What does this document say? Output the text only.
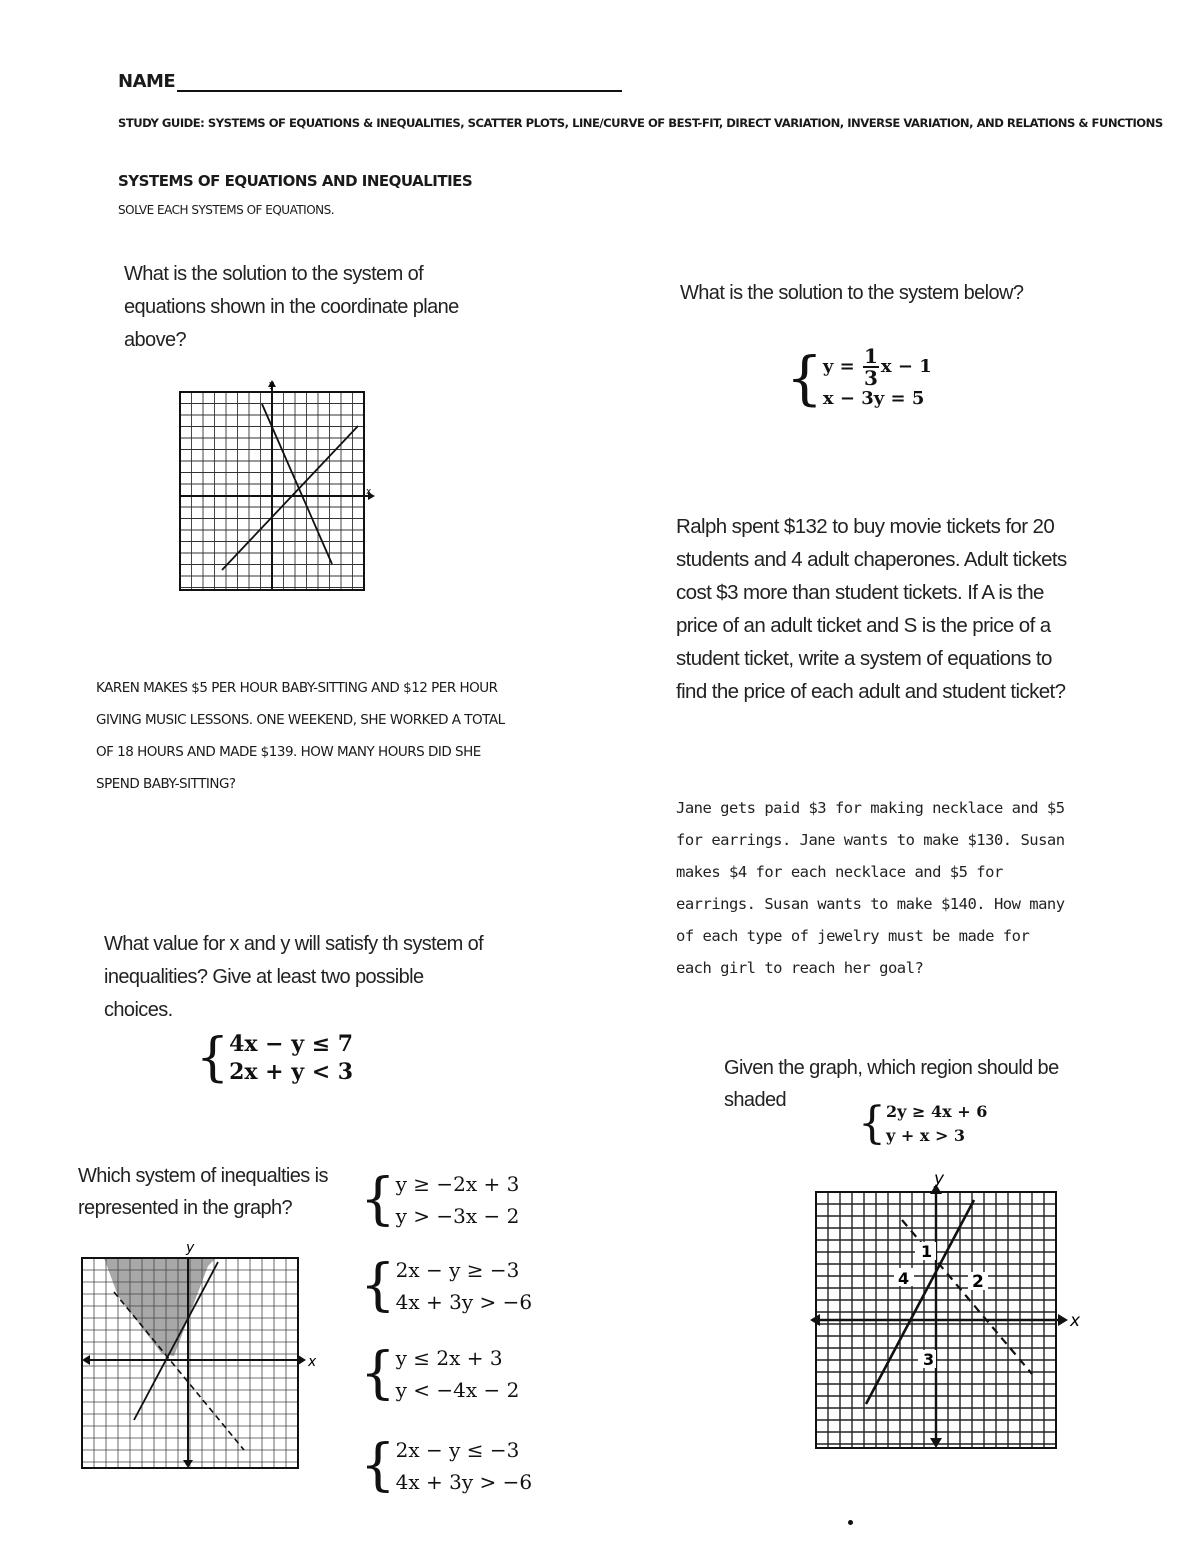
NAME
STUDY GUIDE: SYSTEMS OF EQUATIONS & INEQUALITIES, SCATTER PLOTS, LINE/CURVE OF BEST-FIT, DIRECT VARIATION, INVERSE VARIATION, AND RELATIONS & FUNCTIONS
SYSTEMS OF EQUATIONS AND INEQUALITIES
SOLVE EACH SYSTEMS OF EQUATIONS.
What is the solution to the system of equations shown in the coordinate plane above?
x
y
What is the solution to the system below?
{ $y = \frac{1}{3}$ x − 1
x − 3y = 5
KAREN MAKES $5 PER HOUR BABY-SITTING AND $12 PER HOUR GIVING MUSIC LESSONS. ONE WEEKEND, SHE WORKED A TOTAL OF 18 HOURS AND MADE $139. HOW MANY HOURS DID SHE SPEND BABY-SITTING?
Ralph spent $132 to buy movie tickets for 20 students and 4 adult chaperones. Adult tickets cost $3 more than student tickets. If A is the price of an adult ticket and S is the price of a student ticket, write a system of equations to find the price of each adult and student ticket?
Jane gets paid $3 for making necklace and $5 for earrings. Jane wants to make $130. Susan makes $4 for each necklace and $5 for earrings. Susan wants to make $140. How many of each type of jewelry must be made for each girl to reach her goal?
What value for x and y will satisfy th system of inequalities? Give at least two possible choices.
{ 4x − y ≤ 7
2x + y < 3	Given the graph, which region should be shaded	{ 2y ≥ 4x + 6
y + x > 3
1
2
3
4
x
y
Which system of inequalties is represented in the graph?
x
y
{ y ≥ −2x + 3
y > −3x − 2
{ 2x − y ≥ −3
4x + 3y > −6
{ y ≤ 2x + 3
y < −4x − 2
{ 2x − y ≤ −3
4x + 3y > −6
